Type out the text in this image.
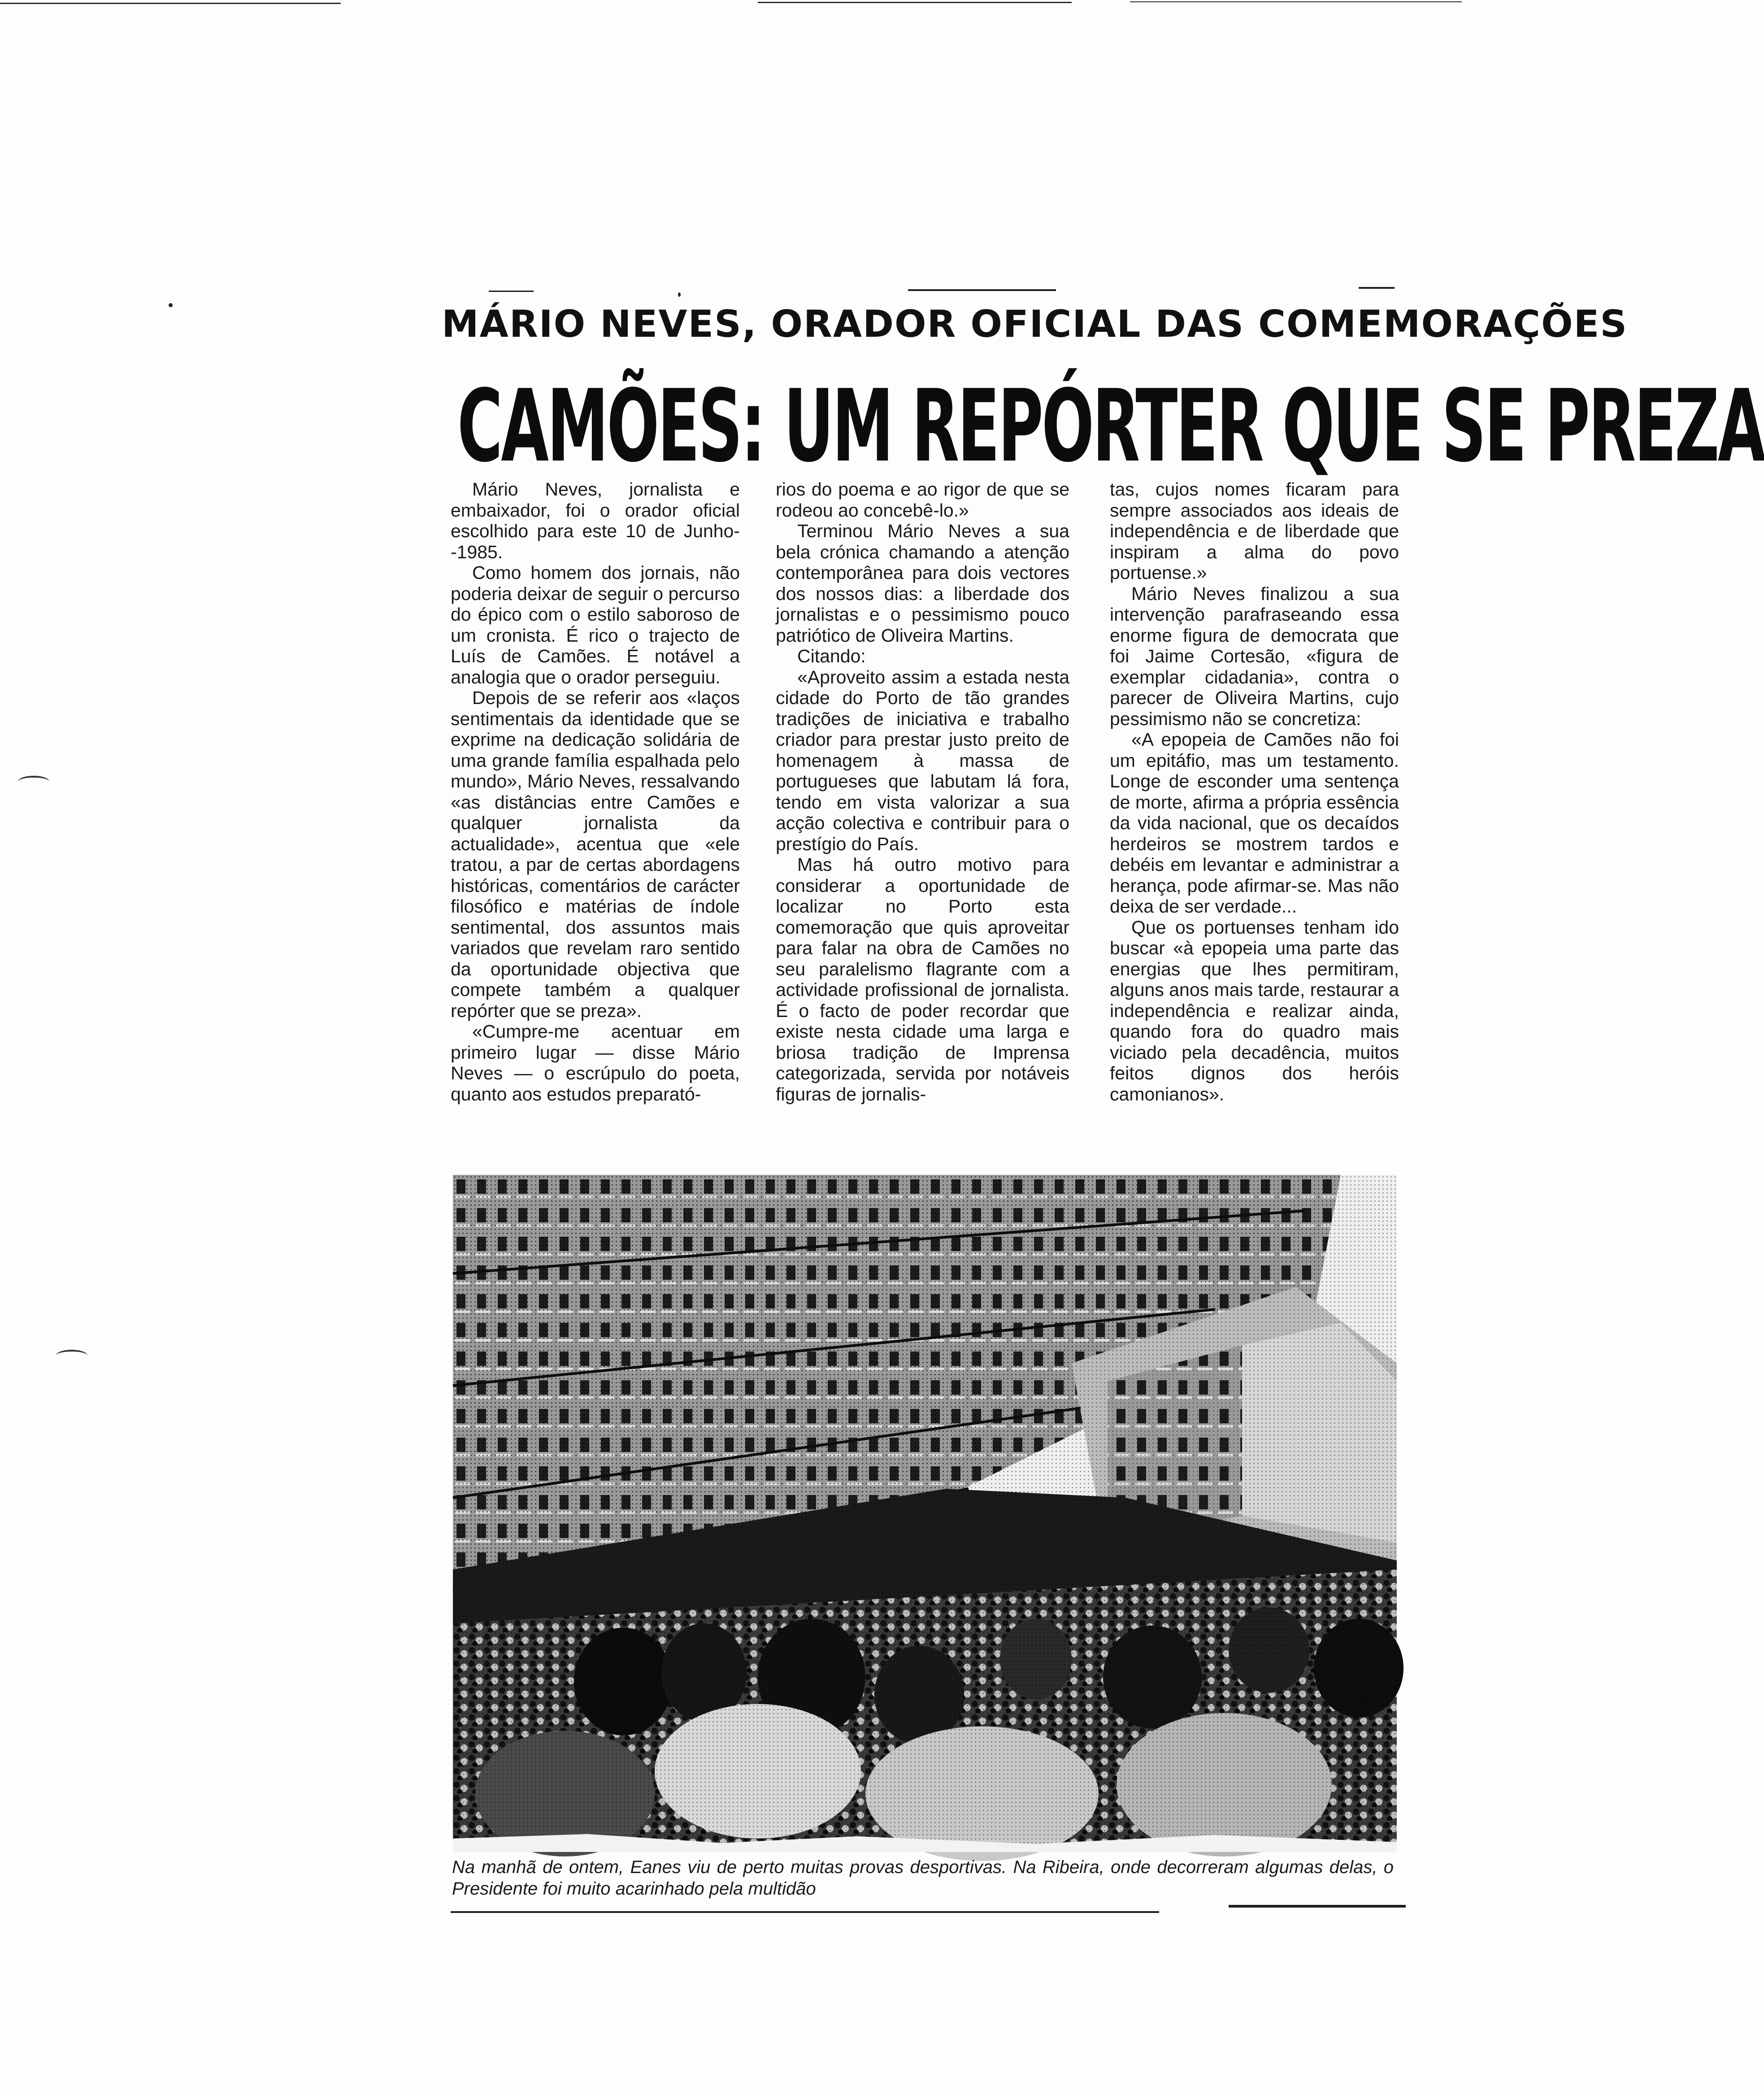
MÁRIO NEVES, ORADOR OFICIAL DAS COMEMORAÇÕES
CAMÕES: UM REPÓRTER QUE SE PREZA

Mário Neves, jornalista e embaixador, foi o orador oficial escolhido para este 10 de Junho--1985.

Como homem dos jornais, não poderia deixar de seguir o percurso do épico com o estilo saboroso de um cronista. É rico o trajecto de Luís de Camões. É notável a analogia que o orador perseguiu.

Depois de se referir aos «laços sentimentais da identidade que se exprime na dedicação solidária de uma grande família espalhada pelo mundo», Mário Neves, ressalvando «as distâncias entre Camões e qualquer jornalista da actualidade», acentua que «ele tratou, a par de certas abordagens históricas, comentários de carácter filosófico e matérias de índole sentimental, dos assuntos mais variados que revelam raro sentido da oportunidade objectiva que compete também a qualquer repórter que se preza».

«Cumpre-me acentuar em primeiro lugar — disse Mário Neves — o escrúpulo do poeta, quanto aos estudos preparató-

rios do poema e ao rigor de que se rodeou ao concebê-lo.»

Terminou Mário Neves a sua bela crónica chamando a atenção contemporânea para dois vectores dos nossos dias: a liberdade dos jornalistas e o pessimismo pouco patriótico de Oliveira Martins.

Citando:

«Aproveito assim a estada nesta cidade do Porto de tão grandes tradições de iniciativa e trabalho criador para prestar justo preito de homenagem à massa de portugueses que labutam lá fora, tendo em vista valorizar a sua acção colectiva e contribuir para o prestígio do País.

Mas há outro motivo para considerar a oportunidade de localizar no Porto esta comemoração que quis aproveitar para falar na obra de Camões no seu paralelismo flagrante com a actividade profissional de jornalista. É o facto de poder recordar que existe nesta cidade uma larga e briosa tradição de Imprensa categorizada, servida por notáveis figuras de jornalis-

tas, cujos nomes ficaram para sempre associados aos ideais de independência e de liberdade que inspiram a alma do povo portuense.»

Mário Neves finalizou a sua intervenção parafraseando essa enorme figura de democrata que foi Jaime Cortesão, «figura de exemplar cidadania», contra o parecer de Oliveira Martins, cujo pessimismo não se concretiza:

«A epopeia de Camões não foi um epitáfio, mas um testamento. Longe de esconder uma sentença de morte, afirma a própria essência da vida nacional, que os decaídos herdeiros se mostrem tardos e debéis em levantar e administrar a herança, pode afirmar-se. Mas não deixa de ser verdade...

Que os portuenses tenham ido buscar «à epopeia uma parte das energias que lhes permitiram, alguns anos mais tarde, restaurar a independência e realizar ainda, quando fora do quadro mais viciado pela decadência, muitos feitos dignos dos heróis camonianos».

Na manhã de ontem, Eanes viu de perto muitas provas desportivas. Na Ribeira, onde decorreram algumas delas, o Presidente foi muito acarinhado pela multidão
